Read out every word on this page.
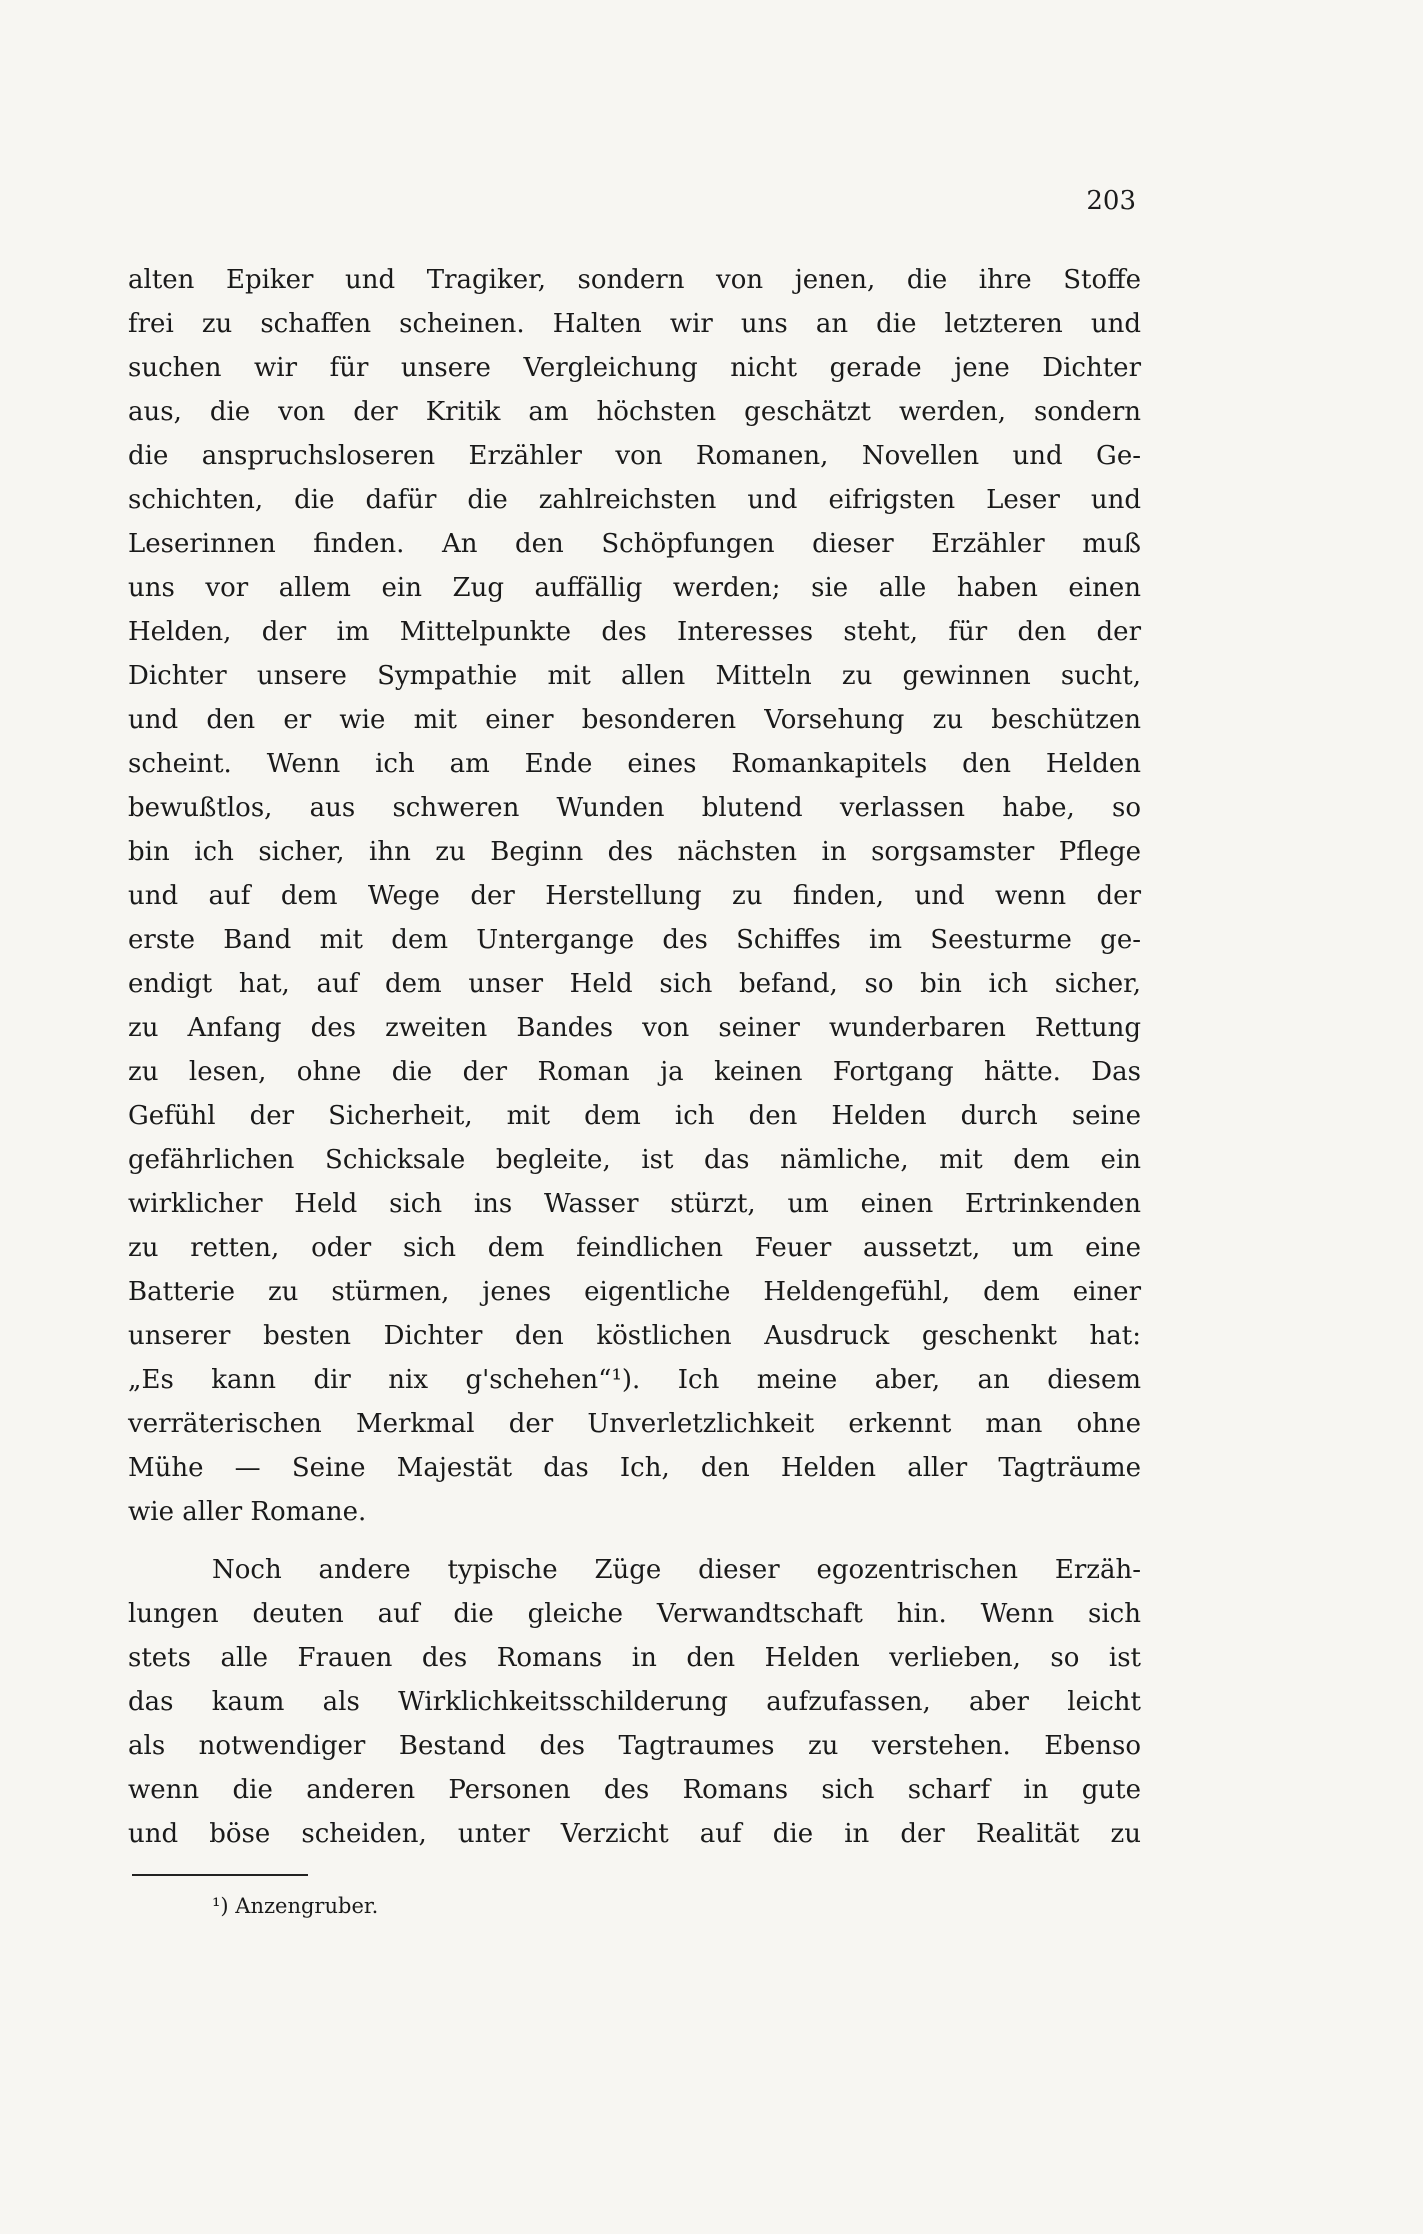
203
alten Epiker und Tragiker, sondern von jenen, die ihre Stoffe
frei zu schaffen scheinen. Halten wir uns an die letzteren und
suchen wir für unsere Vergleichung nicht gerade jene Dichter
aus, die von der Kritik am höchsten geschätzt werden, sondern
die anspruchsloseren Erzähler von Romanen, Novellen und Ge-
schichten, die dafür die zahlreichsten und eifrigsten Leser und
Leserinnen finden. An den Schöpfungen dieser Erzähler muß
uns vor allem ein Zug auffällig werden; sie alle haben einen
Helden, der im Mittelpunkte des Interesses steht, für den der
Dichter unsere Sympathie mit allen Mitteln zu gewinnen sucht,
und den er wie mit einer besonderen Vorsehung zu beschützen
scheint. Wenn ich am Ende eines Romankapitels den Helden
bewußtlos, aus schweren Wunden blutend verlassen habe, so
bin ich sicher, ihn zu Beginn des nächsten in sorgsamster Pflege
und auf dem Wege der Herstellung zu finden, und wenn der
erste Band mit dem Untergange des Schiffes im Seesturme ge-
endigt hat, auf dem unser Held sich befand, so bin ich sicher,
zu Anfang des zweiten Bandes von seiner wunderbaren Rettung
zu lesen, ohne die der Roman ja keinen Fortgang hätte. Das
Gefühl der Sicherheit, mit dem ich den Helden durch seine
gefährlichen Schicksale begleite, ist das nämliche, mit dem ein
wirklicher Held sich ins Wasser stürzt, um einen Ertrinkenden
zu retten, oder sich dem feindlichen Feuer aussetzt, um eine
Batterie zu stürmen, jenes eigentliche Heldengefühl, dem einer
unserer besten Dichter den köstlichen Ausdruck geschenkt hat:
„Es kann dir nix g'schehen“¹). Ich meine aber, an diesem
verräterischen Merkmal der Unverletzlichkeit erkennt man ohne
Mühe — Seine Majestät das Ich, den Helden aller Tagträume
wie aller Romane.
Noch andere typische Züge dieser egozentrischen Erzäh-
lungen deuten auf die gleiche Verwandtschaft hin. Wenn sich
stets alle Frauen des Romans in den Helden verlieben, so ist
das kaum als Wirklichkeitsschilderung aufzufassen, aber leicht
als notwendiger Bestand des Tagtraumes zu verstehen. Ebenso
wenn die anderen Personen des Romans sich scharf in gute
und böse scheiden, unter Verzicht auf die in der Realität zu
¹) Anzengruber.
